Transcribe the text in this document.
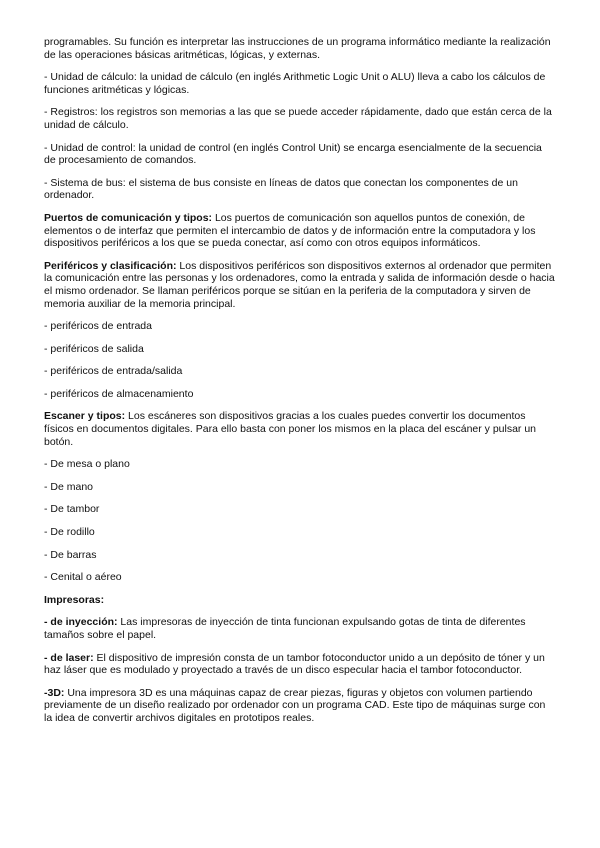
programables. Su función es interpretar las instrucciones de un programa informático mediante la realización de las operaciones básicas aritméticas, lógicas, y externas.

- Unidad de cálculo: la unidad de cálculo (en inglés Arithmetic Logic Unit o ALU) lleva a cabo los cálculos de funciones aritméticas y lógicas.

- Registros: los registros son memorias a las que se puede acceder rápidamente, dado que están cerca de la unidad de cálculo.

- Unidad de control: la unidad de control (en inglés Control Unit) se encarga esencialmente de la secuencia de procesamiento de comandos.

- Sistema de bus: el sistema de bus consiste en líneas de datos que conectan los componentes de un ordenador.

Puertos de comunicación y tipos: Los puertos de comunicación son aquellos puntos de conexión, de elementos o de interfaz que permiten el intercambio de datos y de información entre la computadora y los dispositivos periféricos a los que se pueda conectar, así como con otros equipos informáticos.

Periféricos y clasificación: Los dispositivos periféricos son dispositivos externos al ordenador que permiten la comunicación entre las personas y los ordenadores, como la entrada y salida de información desde o hacia el mismo ordenador. Se llaman periféricos porque se sitúan en la periferia de la computadora y sirven de memoria auxiliar de la memoria principal.

- periféricos de entrada

- periféricos de salida

- periféricos de entrada/salida

- periféricos de almacenamiento

Escaner y tipos: Los escáneres son dispositivos gracias a los cuales puedes convertir los documentos físicos en documentos digitales. Para ello basta con poner los mismos en la placa del escáner y pulsar un botón.

- De mesa o plano

- De mano

- De tambor

- De rodillo

- De barras

- Cenital o aéreo

Impresoras:

- de inyección: Las impresoras de inyección de tinta funcionan expulsando gotas de tinta de diferentes tamaños sobre el papel.

- de laser: El dispositivo de impresión consta de un tambor fotoconductor unido a un depósito de tóner y un haz láser que es modulado y proyectado a través de un disco especular hacia el tambor fotoconductor.

-3D: Una impresora 3D es una máquinas capaz de crear piezas, figuras y objetos con volumen partiendo previamente de un diseño realizado por ordenador con un programa CAD. Este tipo de máquinas surge con la idea de convertir archivos digitales en prototipos reales.
